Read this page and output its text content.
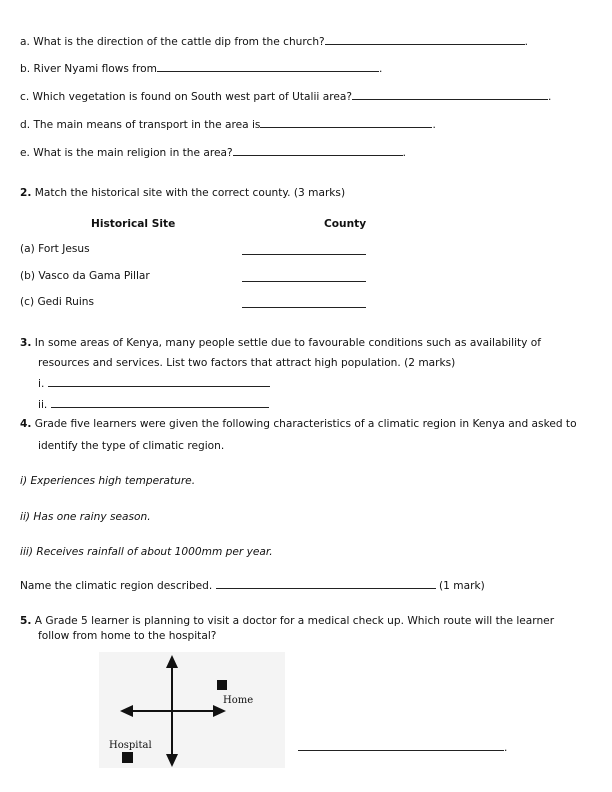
a. What is the direction of the cattle dip from the church?	.
b. River Nyami flows from	.
c. Which vegetation is found on South west part of Utalii area?	.
d. The main means of transport in the area is	.
e. What is the main religion in the area?	.
2. Match the historical site with the correct county. (3 marks)
Historical Site	County
(a) Fort Jesus
(b) Vasco da Gama Pillar
(c) Gedi Ruins
3. In some areas of Kenya, many people settle due to favourable conditions such as availability of
resources and services. List two factors that attract high population. (2 marks)
i.
ii.
4. Grade five learners were given the following characteristics of a climatic region in Kenya and asked to
identify the type of climatic region.
i) Experiences high temperature.
ii) Has one rainy season.
iii) Receives rainfall of about 1000mm per year.
Name the climatic region described.	(1 mark)
5. A Grade 5 learner is planning to visit a doctor for a medical check up. Which route will the learner
follow from home to the hospital?
Home
Hospital	.
